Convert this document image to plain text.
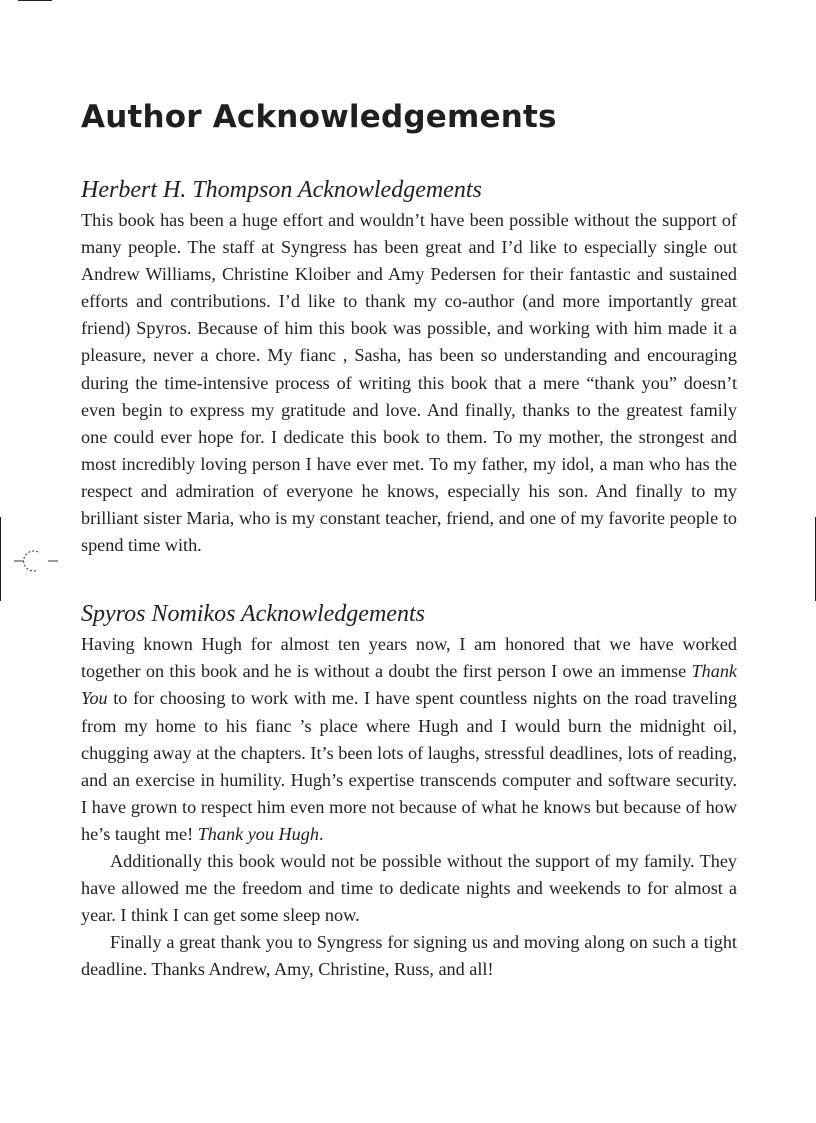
Author Acknowledgements
Herbert H. Thompson Acknowledgements

This book has been a huge effort and wouldn’t have been possible without the support of many people. The staff at Syngress has been great and I’d like to especially single out Andrew Williams, Christine Kloiber and Amy Pedersen for their fantastic and sustained efforts and contributions. I’d like to thank my co-author (and more importantly great friend) Spyros. Because of him this book was possible, and working with him made it a pleasure, never a chore. My fianc , Sasha, has been so understanding and encouraging during the time-intensive process of writing this book that a mere “thank you” doesn’t even begin to express my gratitude and love. And finally, thanks to the greatest family one could ever hope for. I dedicate this book to them. To my mother, the strongest and most incredibly loving person I have ever met. To my father, my idol, a man who has the respect and admiration of everyone he knows, especially his son. And finally to my brilliant sister Maria, who is my constant teacher, friend, and one of my favorite people to spend time with.

Spyros Nomikos Acknowledgements

Having known Hugh for almost ten years now, I am honored that we have worked together on this book and he is without a doubt the first person I owe an immense Thank You to for choosing to work with me. I have spent countless nights on the road traveling from my home to his fianc ’s place where Hugh and I would burn the midnight oil, chugging away at the chapters. It’s been lots of laughs, stressful deadlines, lots of reading, and an exercise in humility. Hugh’s expertise transcends computer and software security. I have grown to respect him even more not because of what he knows but because of how he’s taught me! Thank you Hugh.

Additionally this book would not be possible without the support of my family. They have allowed me the freedom and time to dedicate nights and weekends to for almost a year. I think I can get some sleep now.

Finally a great thank you to Syngress for signing us and moving along on such a tight deadline. Thanks Andrew, Amy, Christine, Russ, and all!
